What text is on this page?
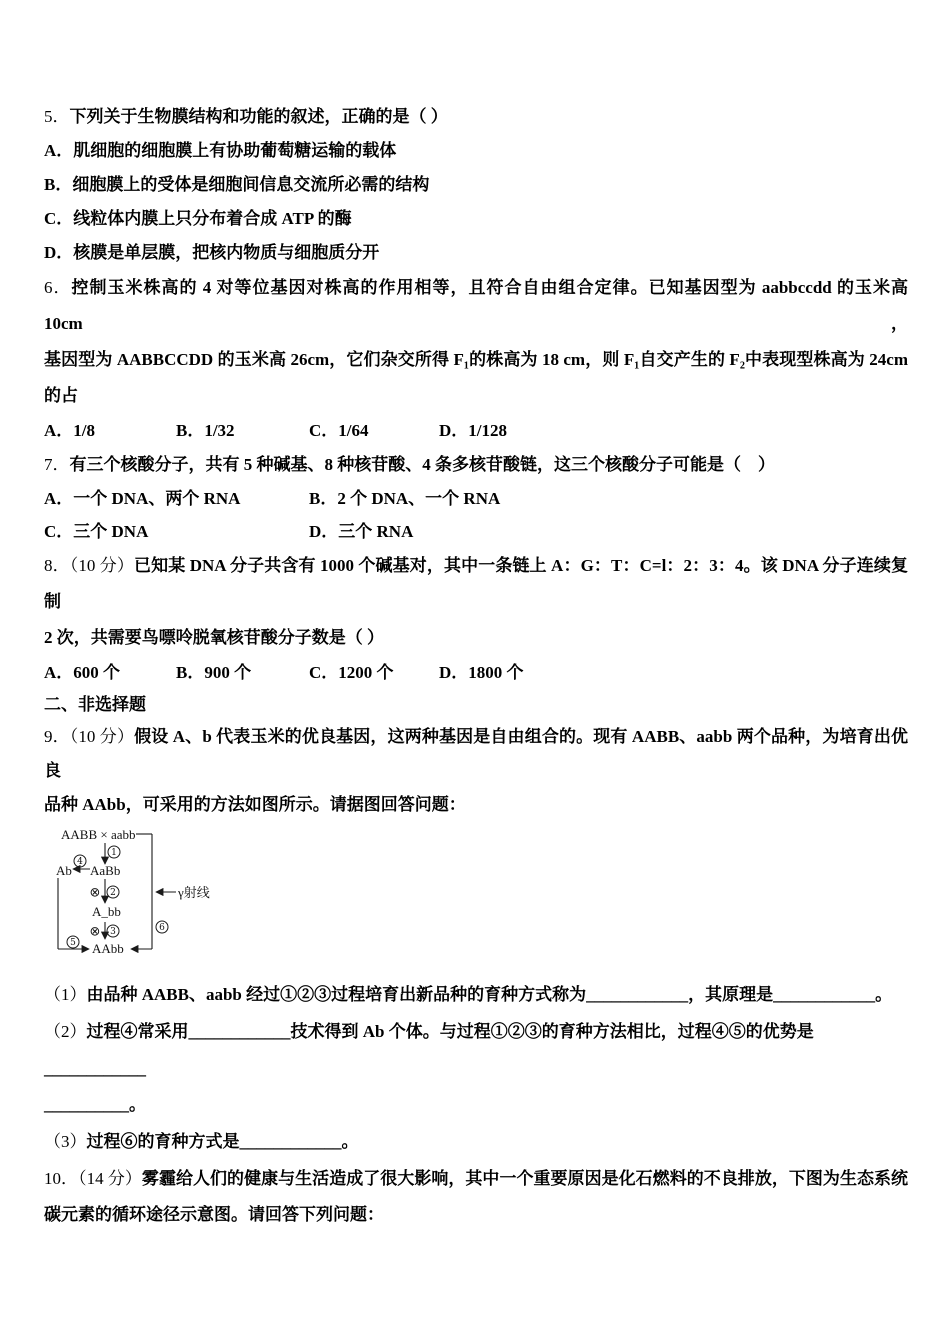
5．下列关于生物膜结构和功能的叙述，正确的是（ ）
A．肌细胞的细胞膜上有协助葡萄糖运输的载体
B．细胞膜上的受体是细胞间信息交流所必需的结构
C．线粒体内膜上只分布着合成 ATP 的酶
D．核膜是单层膜，把核内物质与细胞质分开
6．控制玉米株高的 4 对等位基因对株高的作用相等，且符合自由组合定律。已知基因型为 aabbccdd 的玉米高 10cm，
基因型为 AABBCCDD 的玉米高 26cm，它们杂交所得 F₁的株高为 18 cm，则 F₁自交产生的 F₂中表现型株高为 24cm
的占
A．1/8	B．1/32	C．1/64	D．1/128
7．有三个核酸分子，共有 5 种碱基、8 种核苷酸、4 条多核苷酸链，这三个核酸分子可能是（　）
A．一个 DNA、两个 RNA	B．2 个 DNA、一个 RNA
C．三个 DNA	D．三个 RNA
8．（10 分）已知某 DNA 分子共含有 1000 个碱基对，其中一条链上 A：G：T：C=l：2：3：4。该 DNA 分子连续复制
2 次，共需要鸟嘌呤脱氧核苷酸分子数是（ ）
A．600 个	B．900 个	C．1200 个	D．1800 个
二、非选择题
9．（10 分）假设 A、b 代表玉米的优良基因，这两种基因是自由组合的。现有 AABB、aabb 两个品种，为培育出优良
品种 AAbb，可采用的方法如图所示。请据图回答问题：
AABB × aabb
Ab AaBb
A_bb
AAbb
γ射线
⊗
⊗
1
2
3
4
5
6
（1）由品种 AABB、aabb 经过①②③过程培育出新品种的育种方式称为____________，其原理是____________。
（2）过程④常采用____________技术得到 Ab 个体。与过程①②③的育种方法相比，过程④⑤的优势是____________
__________。
（3）过程⑥的育种方式是____________。
10．（14 分）雾霾给人们的健康与生活造成了很大影响，其中一个重要原因是化石燃料的不良排放，下图为生态系统
碳元素的循环途径示意图。请回答下列问题：
